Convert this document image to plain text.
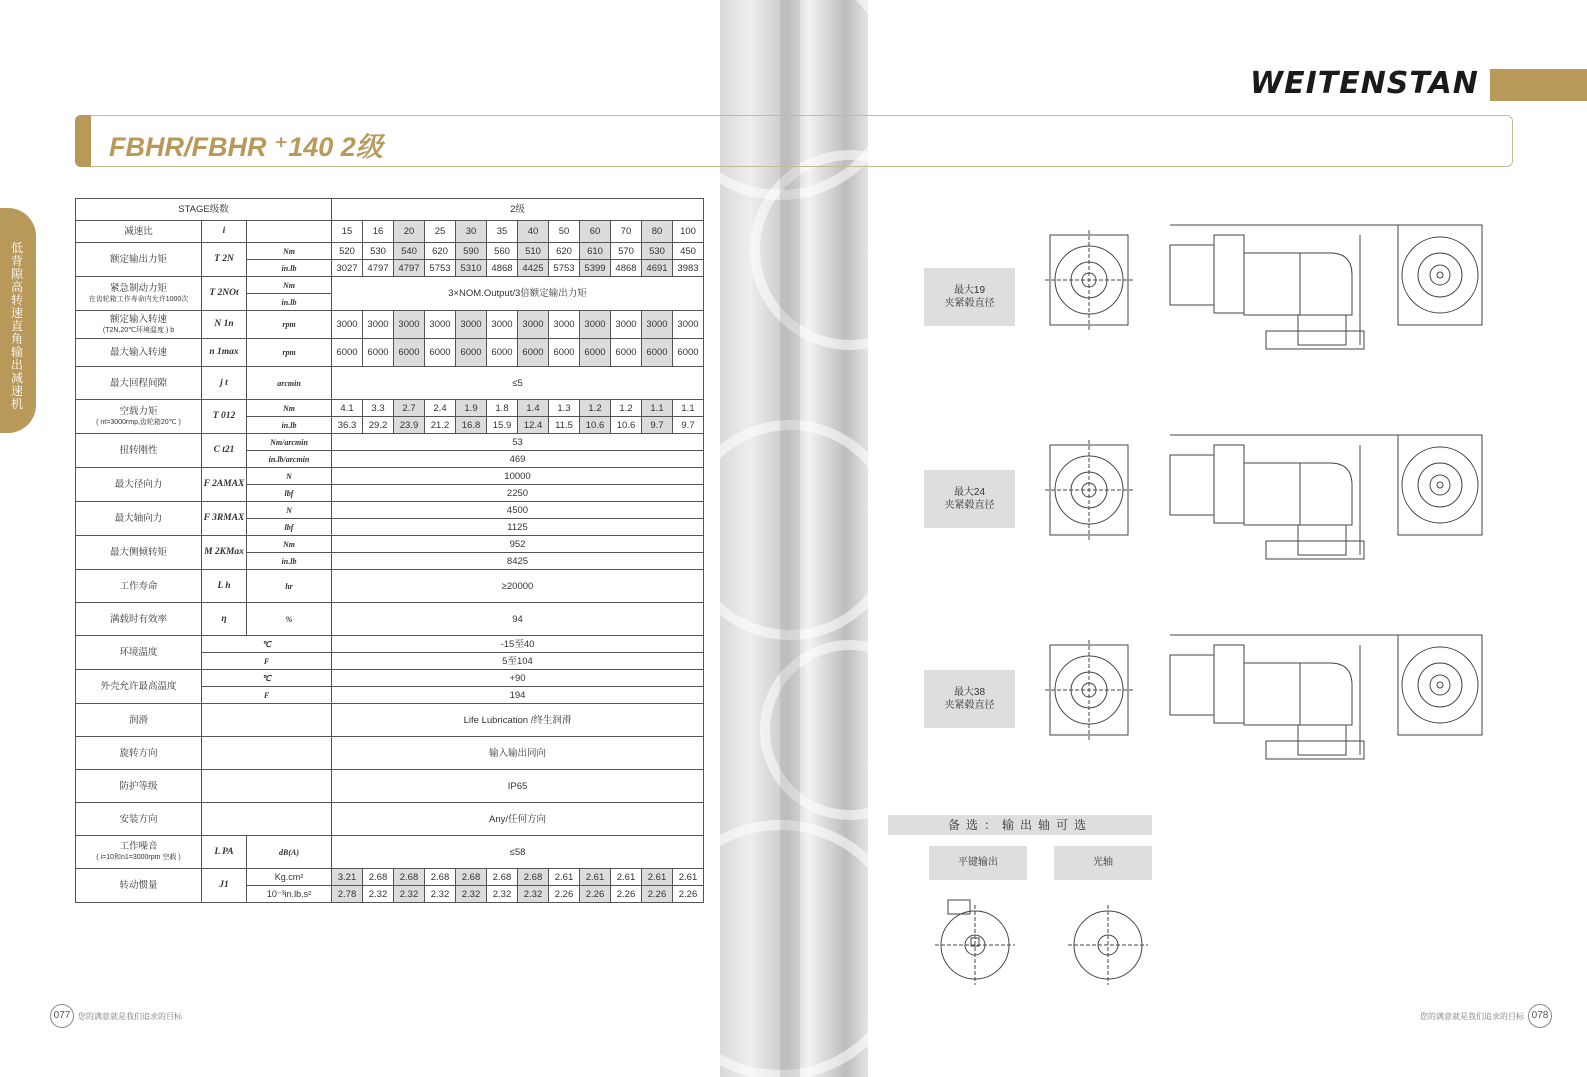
WEITENSTAN
FBHR/FBHR ⁺140 2级
低背隙高转速直角输出减速机
STAGE级数			2级											
减速比	i		15	16	20	25	30	35	40	50	60	70	80	100
额定输出力矩	T 2N	Nm	520	530	540	620	590	560	510	620	610	570	530	450
		in.lb	3027	4797	4797	5753	5310	4868	4425	5753	5399	4868	4691	3983

紧急制动力矩
在齿轮箱工作寿命内允许1000次	T 2NOt	Nm	3×NOM.Output/3倍额定输出力矩											
		in.lb												

额定输入转速
(T2N,20℃环境温度 ) b	N 1n	rpm	3000	3000	3000	3000	3000	3000	3000	3000	3000	3000	3000	3000
最大输入转速	n 1max	rpm	6000	6000	6000	6000	6000	6000	6000	6000	6000	6000	6000	6000
最大回程间隙	j t	arcmin	≤5											

空载力矩
( nt=3000rmp,齿轮箱20℃ )	T 012	Nm	4.1	3.3	2.7	2.4	1.9	1.8	1.4	1.3	1.2	1.2	1.1	1.1
		in.lb	36.3	29.2	23.9	21.2	16.8	15.9	12.4	11.5	10.6	10.6	9.7	9.7
扭转刚性	C t21	Nm/arcmin	53											
		in.lb/arcmin	469											
最大径向力	F 2AMAX	N	10000											
		lbf	2250											
最大轴向力	F 3RMAX	N	4500											
		lbf	1125											
最大侧倾转矩	M 2KMax	Nm	952											
		in.lb	8425											
工作寿命	L h	hr	≥20000											
满载时有效率	η	%	94											
环境温度	℃		-15至40											
	F		5至104											
外壳允许最高温度	℃		+90											
	F		194											
润滑			Life Lubrication /终生润滑											
旋转方向			输入输出同向											
防护等级			IP65											
安装方向			Any/任何方向											

工作噪音
( i=10和n1=3000rpm 空载 )	L PA	dB(A)	≤58											
转动惯量	J1	Kg.cm²	3.21	2.68	2.68	2.68	2.68	2.68	2.68	2.61	2.61	2.61	2.61	2.61
		10⁻³in.lb.s²	2.78	2.32	2.32	2.32	2.32	2.32	2.32	2.26	2.26	2.26	2.26	2.26
最大19
夹紧毂直径
最大24
夹紧毂直径
最大38
夹紧毂直径
备选：输出轴可选
平键输出	光轴
077 您的满意就是我们追求的目标	您的满意就是我们追求的目标 078
